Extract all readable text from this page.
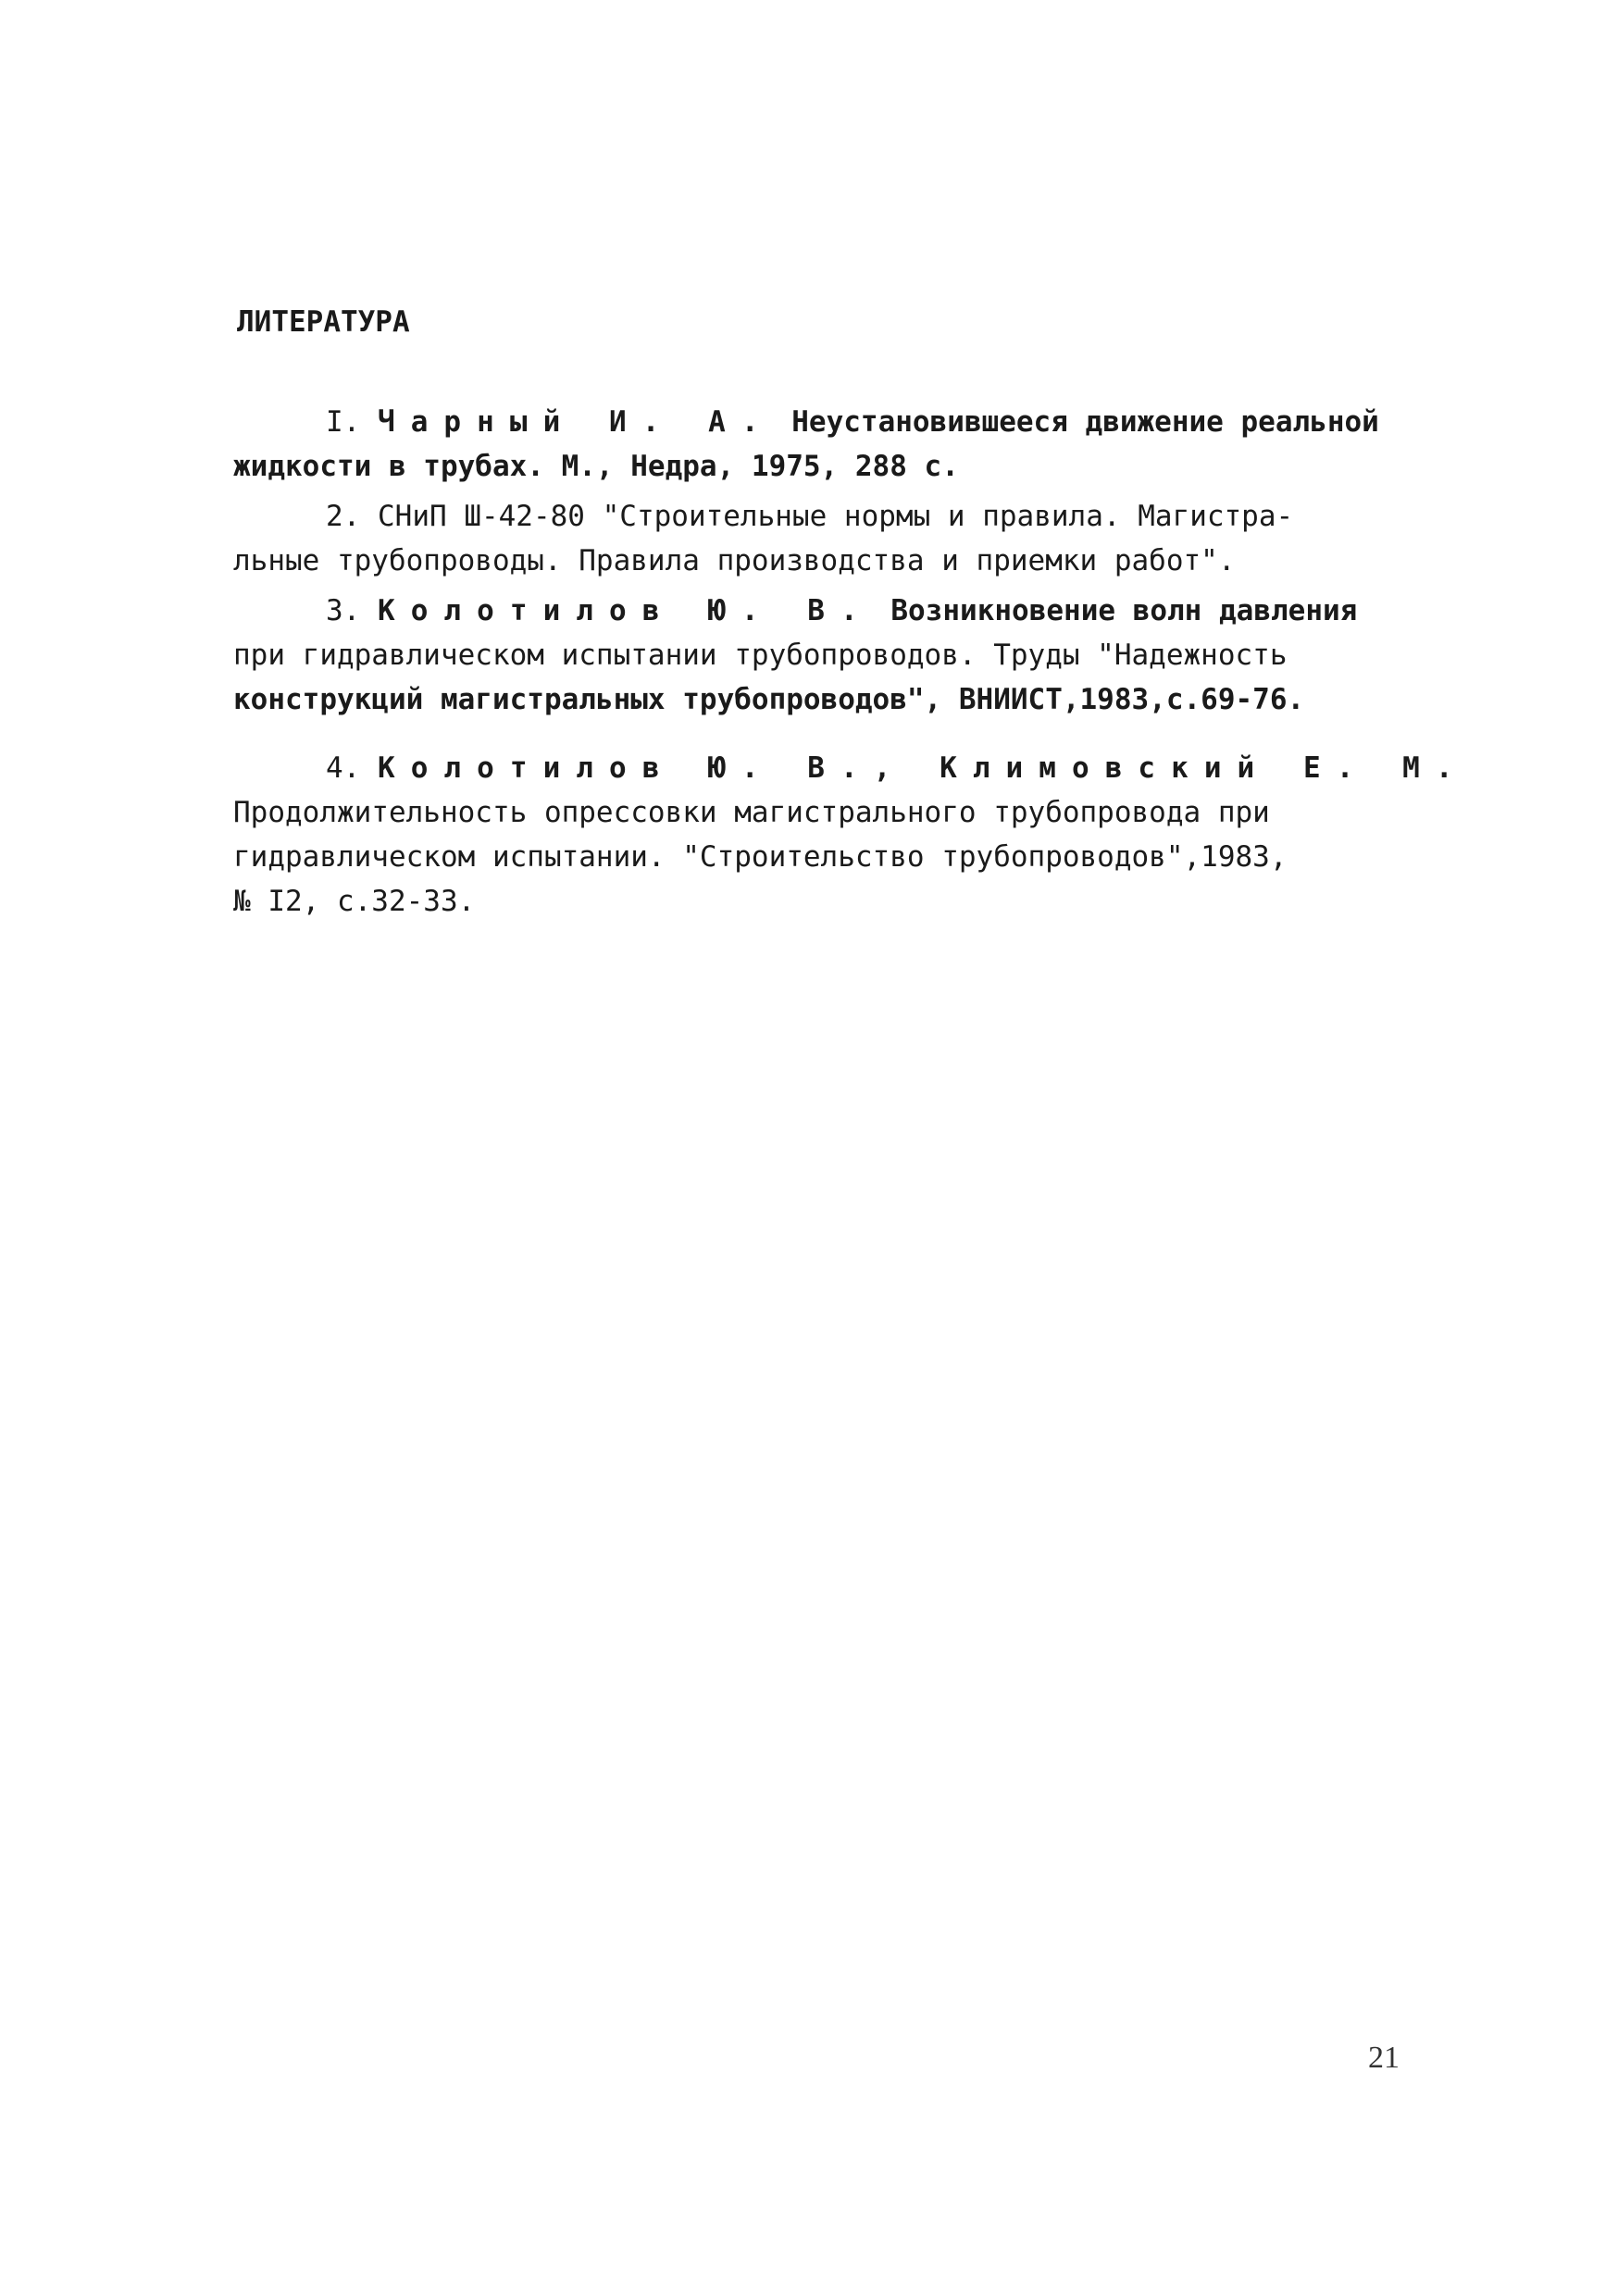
ЛИТЕРАТУРА
I. Чарный И. А. Неустановившееся движение реальной
жидкости в трубах. М., Недра, 1975, 288 с.
2. СНиП Ш-42-80 "Строительные нормы и правила. Магистра-
льные трубопроводы. Правила производства и приемки работ".
3. Колотилов Ю. В. Возникновение волн давления
при гидравлическом испытании трубопроводов. Труды "Надежность
конструкций магистральных трубопроводов", ВНИИСТ,1983,с.69-76.
4. Колотилов Ю. В., Климовский Е. М.
Продолжительность опрессовки магистрального трубопровода при
гидравлическом испытании. "Строительство трубопроводов",1983,
№ I2, с.32-33.
21
